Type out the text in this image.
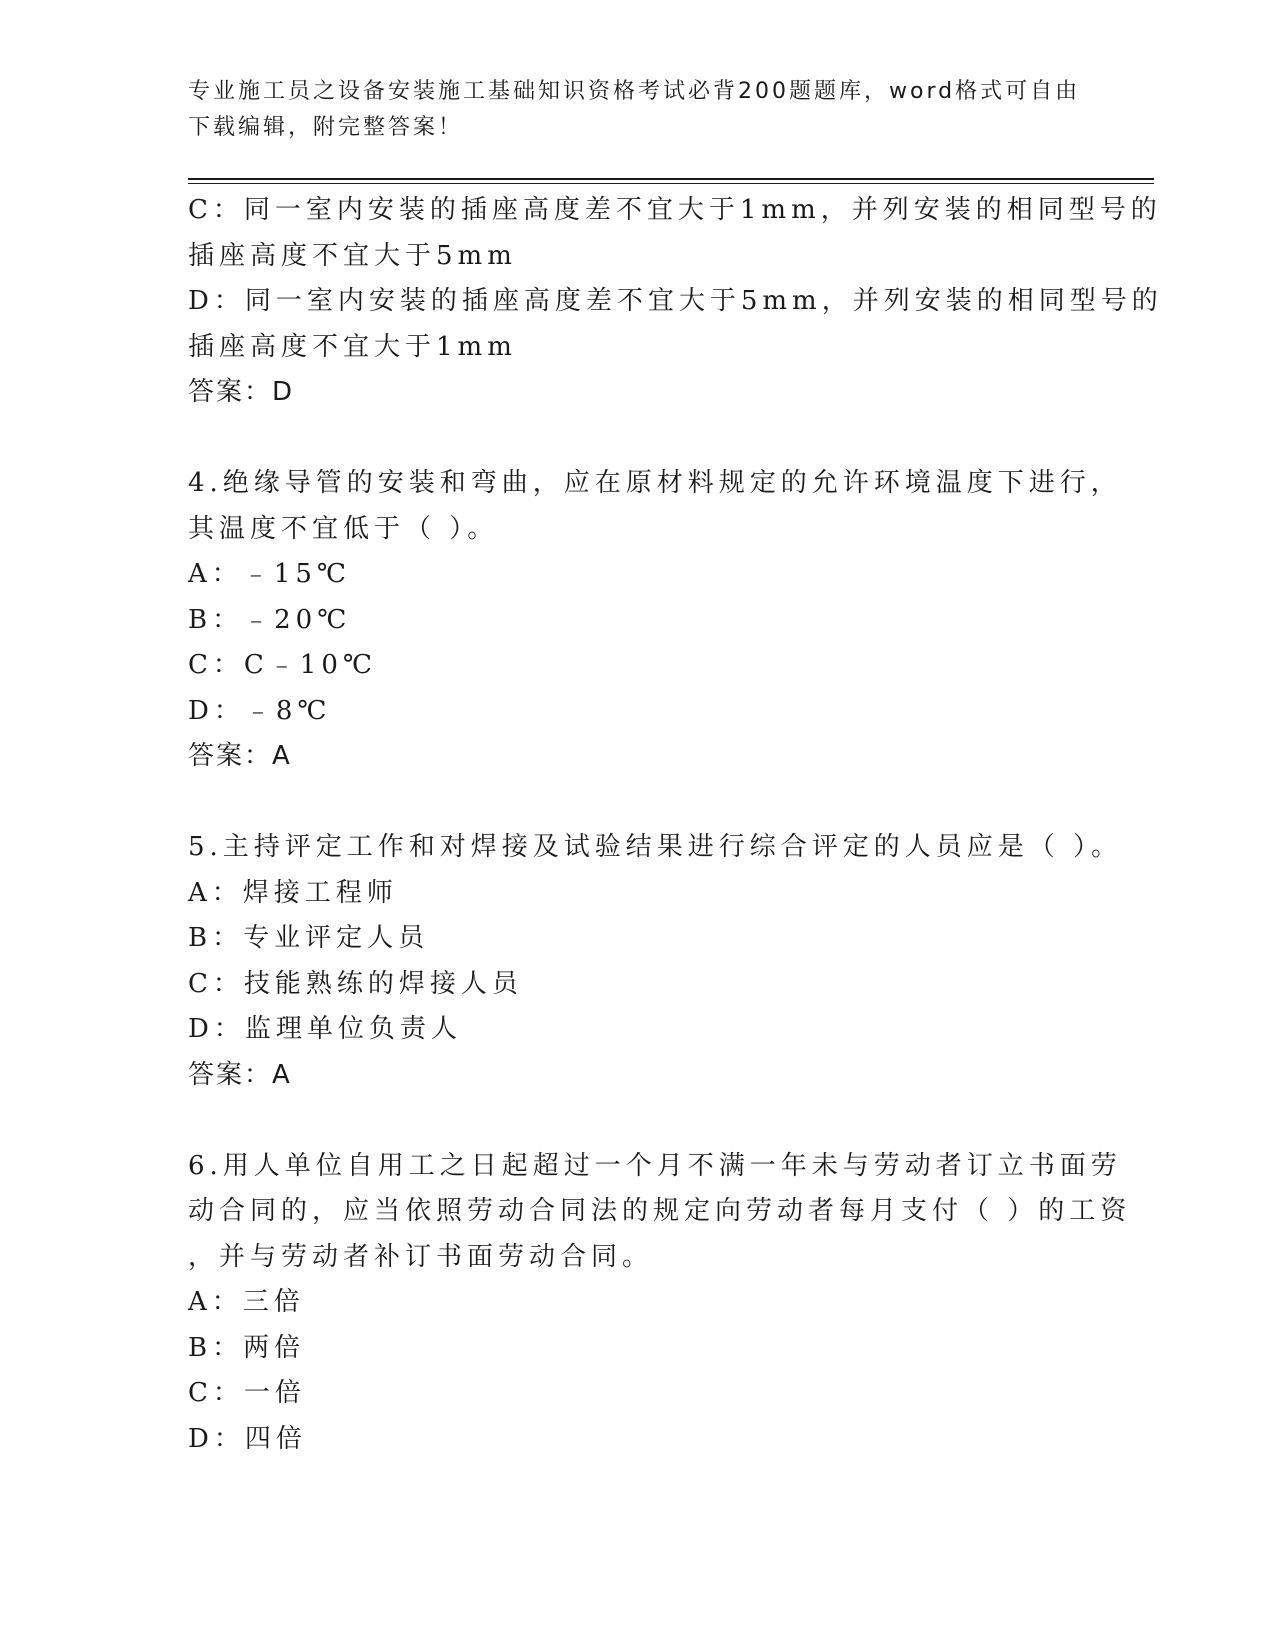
专业施工员之设备安装施工基础知识资格考试必背200题题库，word格式可自由
下载编辑，附完整答案！
C：同一室内安装的插座高度差不宜大于1mm，并列安装的相同型号的
插座高度不宜大于5mm
D：同一室内安装的插座高度差不宜大于5mm，并列安装的相同型号的
插座高度不宜大于1mm
答案：D
4.绝缘导管的安装和弯曲，应在原材料规定的允许环境温度下进行，
其温度不宜低于（ ）。
A：﹣15℃
B：﹣20℃
C：C﹣10℃
D：﹣8℃
答案：A
5.主持评定工作和对焊接及试验结果进行综合评定的人员应是（ ）。
A：焊接工程师
B：专业评定人员
C：技能熟练的焊接人员
D：监理单位负责人
答案：A
6.用人单位自用工之日起超过一个月不满一年未与劳动者订立书面劳
动合同的，应当依照劳动合同法的规定向劳动者每月支付（ ）的工资
，并与劳动者补订书面劳动合同。
A：三倍
B：两倍
C：一倍
D：四倍
